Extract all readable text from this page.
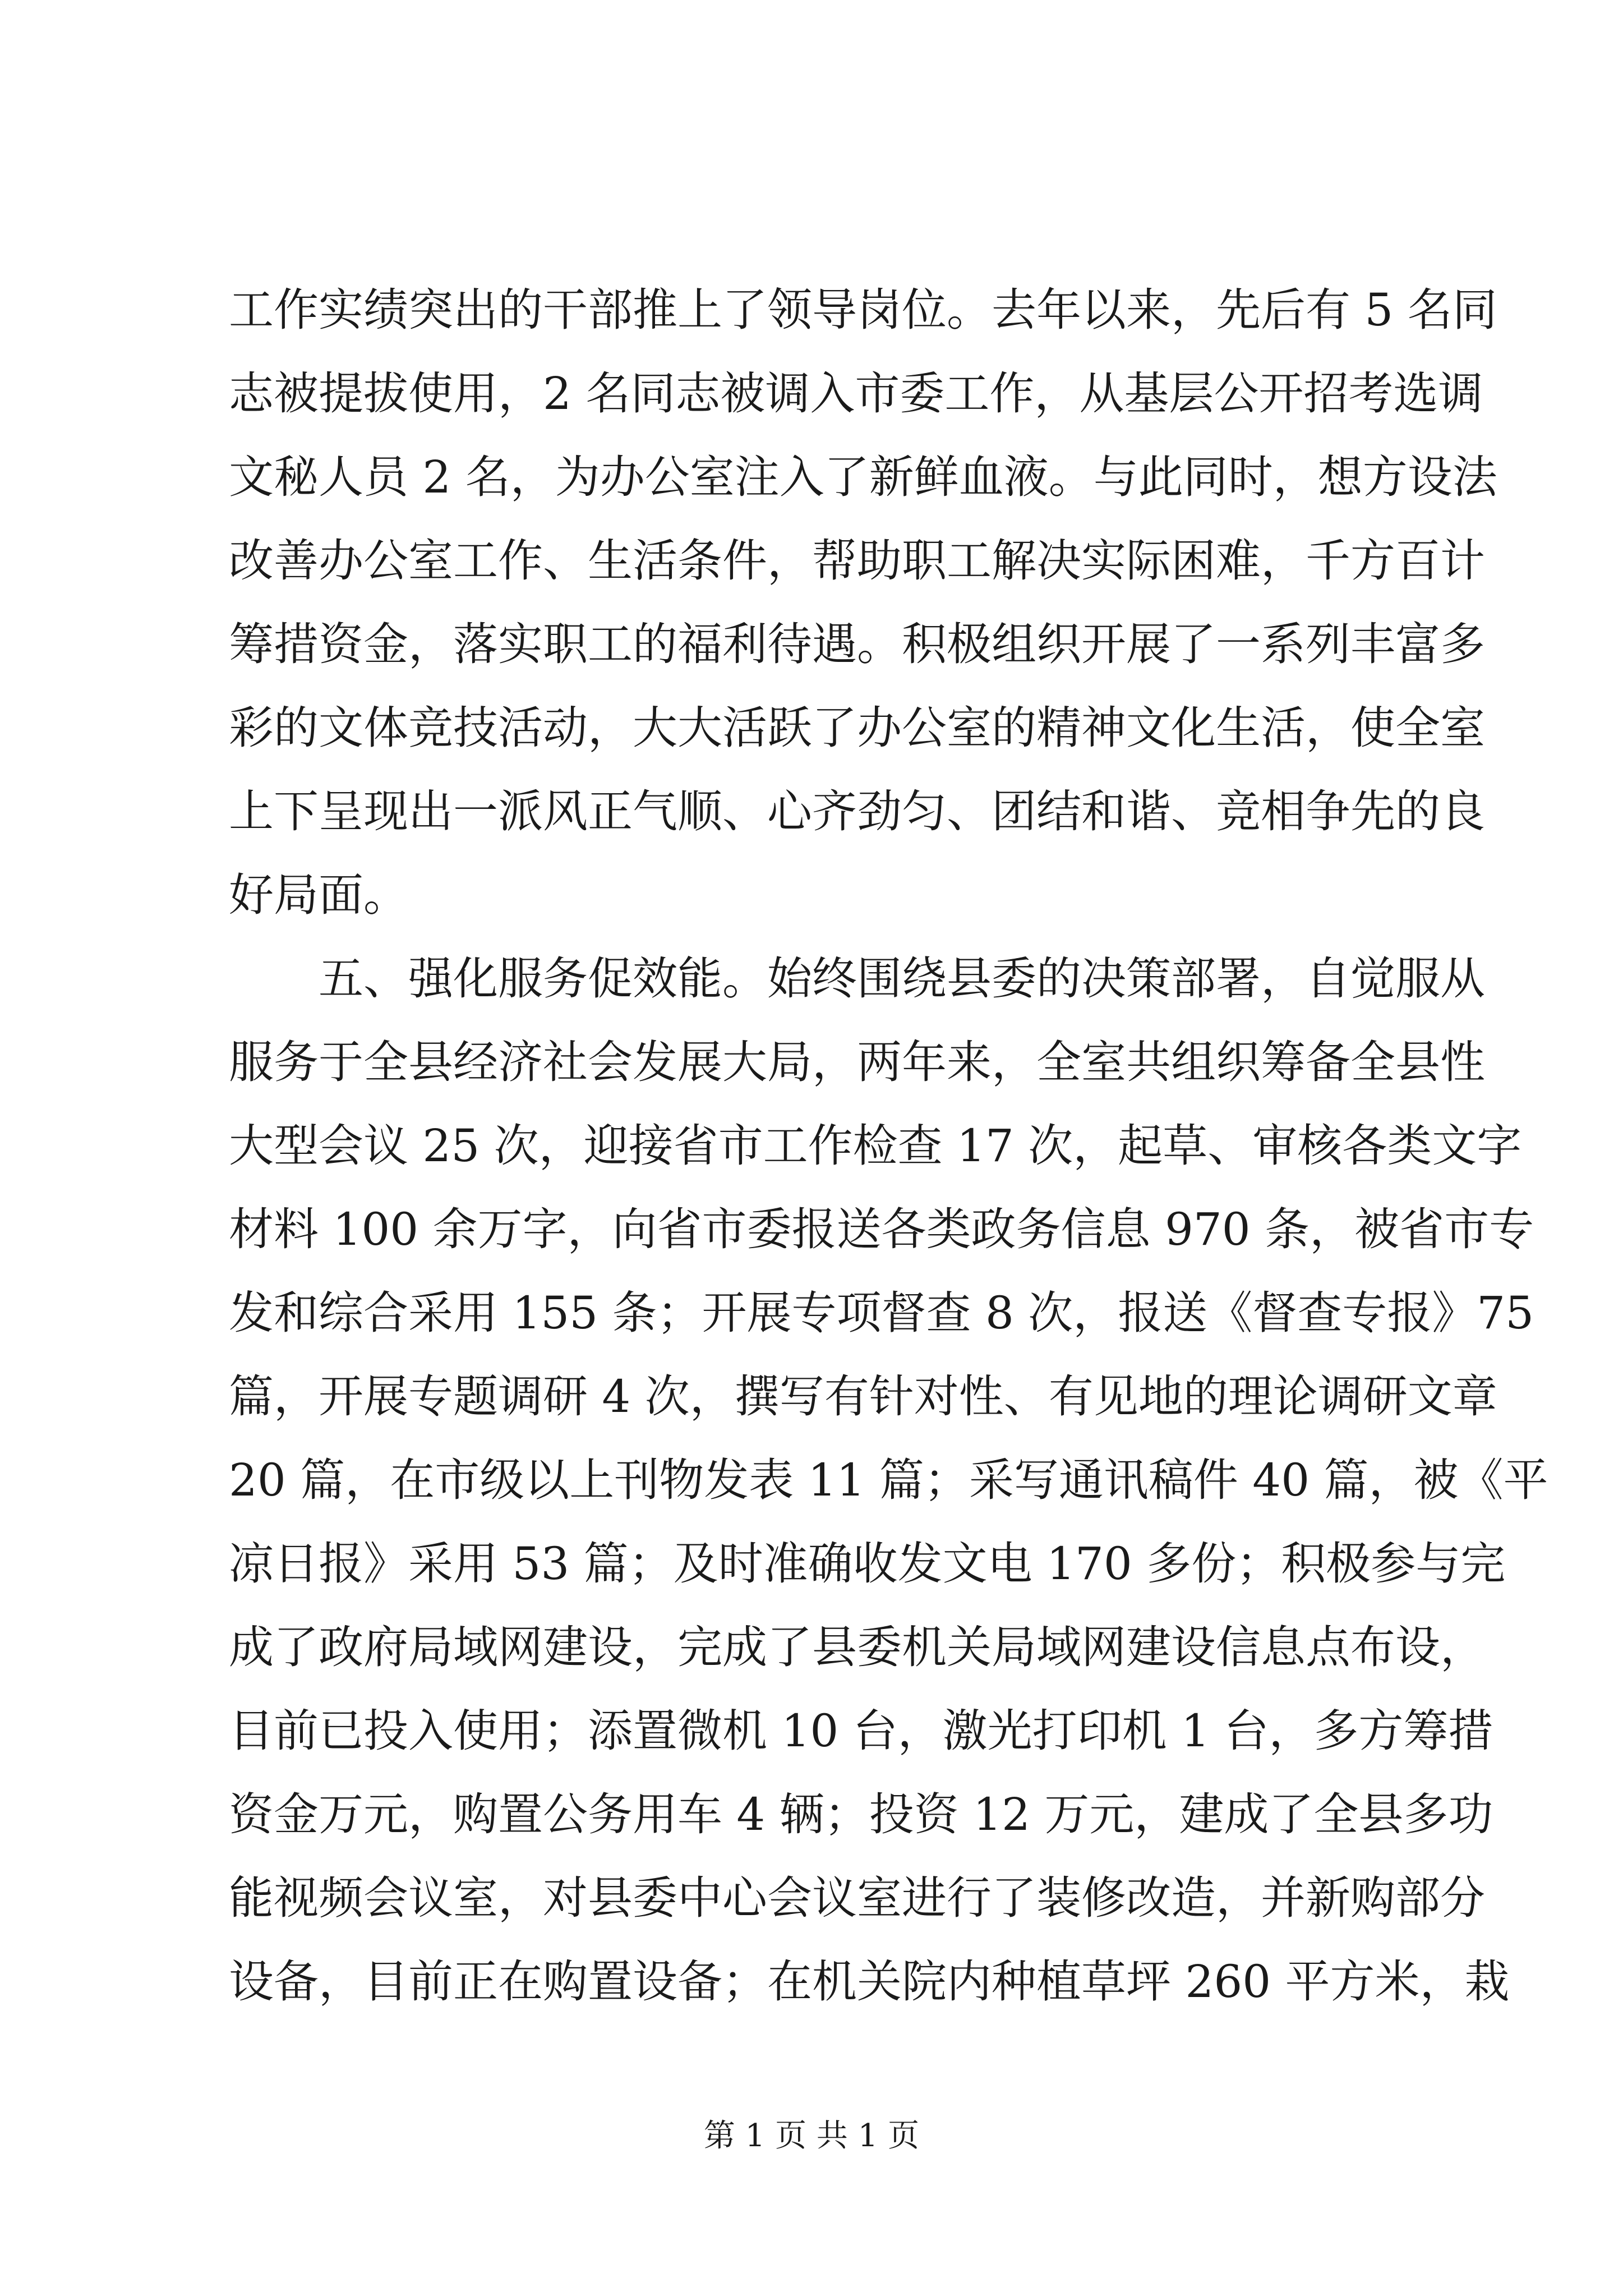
工作实绩突出的干部推上了领导岗位。去年以来，先后有 5 名同
志被提拔使用，2 名同志被调入市委工作，从基层公开招考选调
文秘人员 2 名，为办公室注入了新鲜血液。与此同时，想方设法
改善办公室工作、生活条件，帮助职工解决实际困难，千方百计
筹措资金，落实职工的福利待遇。积极组织开展了一系列丰富多
彩的文体竞技活动，大大活跃了办公室的精神文化生活，使全室
上下呈现出一派风正气顺、心齐劲匀、团结和谐、竞相争先的良
好局面。
　　五、强化服务促效能。始终围绕县委的决策部署，自觉服从
服务于全县经济社会发展大局，两年来，全室共组织筹备全县性
大型会议 25 次，迎接省市工作检查 17 次，起草、审核各类文字
材料 100 余万字，向省市委报送各类政务信息 970 条，被省市专
发和综合采用 155 条；开展专项督查 8 次，报送《督查专报》75
篇，开展专题调研 4 次，撰写有针对性、有见地的理论调研文章
20 篇，在市级以上刊物发表 11 篇；采写通讯稿件 40 篇，被《平
凉日报》采用 53 篇；及时准确收发文电 170 多份；积极参与完
成了政府局域网建设，完成了县委机关局域网建设信息点布设，
目前已投入使用；添置微机 10 台，激光打印机 1 台，多方筹措
资金万元，购置公务用车 4 辆；投资 12 万元，建成了全县多功
能视频会议室，对县委中心会议室进行了装修改造，并新购部分
设备，目前正在购置设备；在机关院内种植草坪 260 平方米，栽
第 1 页 共 1 页
